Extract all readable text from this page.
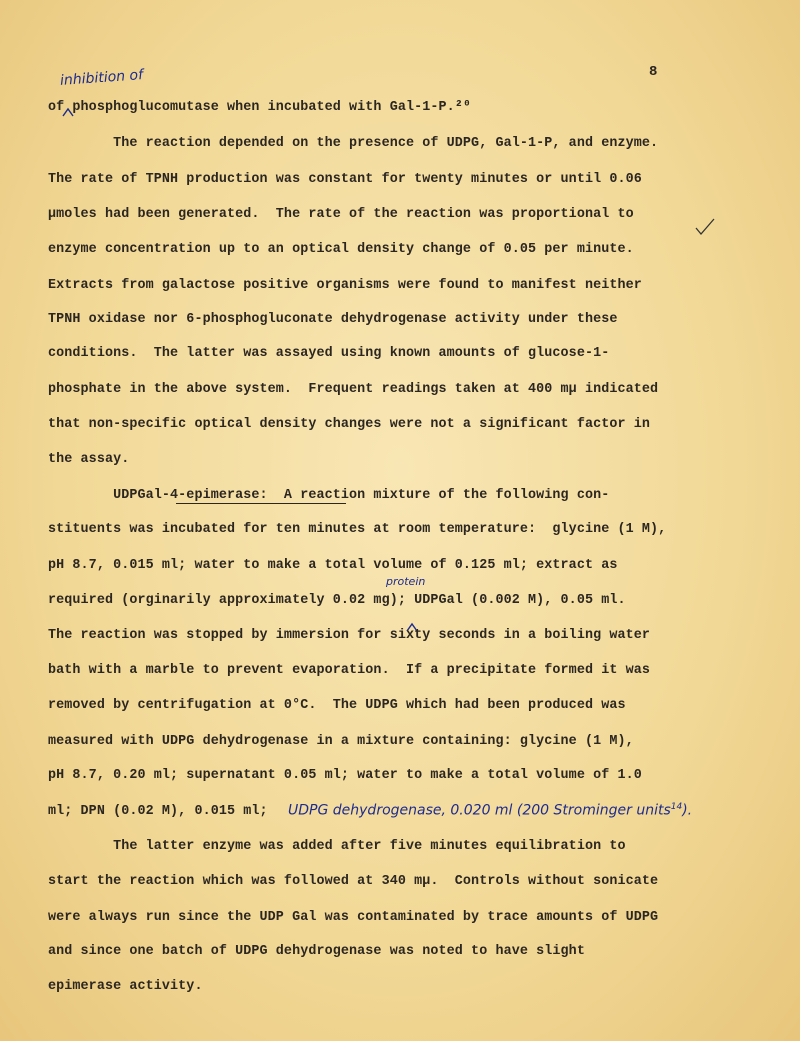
8
inhibition of
protein
UDPG dehydrogenase, 0.020 ml (200 Strominger units$^{14}$).
of phosphoglucomutase when incubated with Gal-1-P.²⁰
The reaction depended on the presence of UDPG, Gal-1-P, and enzyme.
The rate of TPNH production was constant for twenty minutes or until 0.06
µmoles had been generated.  The rate of the reaction was proportional to
enzyme concentration up to an optical density change of 0.05 per minute.
Extracts from galactose positive organisms were found to manifest neither
TPNH oxidase nor 6-phosphogluconate dehydrogenase activity under these
conditions.  The latter was assayed using known amounts of glucose-1-
phosphate in the above system.  Frequent readings taken at 400 mµ indicated
that non-specific optical density changes were not a significant factor in
the assay.
UDPGal-4-epimerase:  A reaction mixture of the following con-
stituents was incubated for ten minutes at room temperature:  glycine (1 M),
pH 8.7, 0.015 ml; water to make a total volume of 0.125 ml; extract as
required (orginarily approximately 0.02 mg); UDPGal (0.002 M), 0.05 ml.
The reaction was stopped by immersion for sixty seconds in a boiling water
bath with a marble to prevent evaporation.  If a precipitate formed it was
removed by centrifugation at 0°C.  The UDPG which had been produced was
measured with UDPG dehydrogenase in a mixture containing: glycine (1 M),
pH 8.7, 0.20 ml; supernatant 0.05 ml; water to make a total volume of 1.0
ml; DPN (0.02 M), 0.015 ml;
The latter enzyme was added after five minutes equilibration to
start the reaction which was followed at 340 mµ.  Controls without sonicate
were always run since the UDP Gal was contaminated by trace amounts of UDPG
and since one batch of UDPG dehydrogenase was noted to have slight
epimerase activity.
